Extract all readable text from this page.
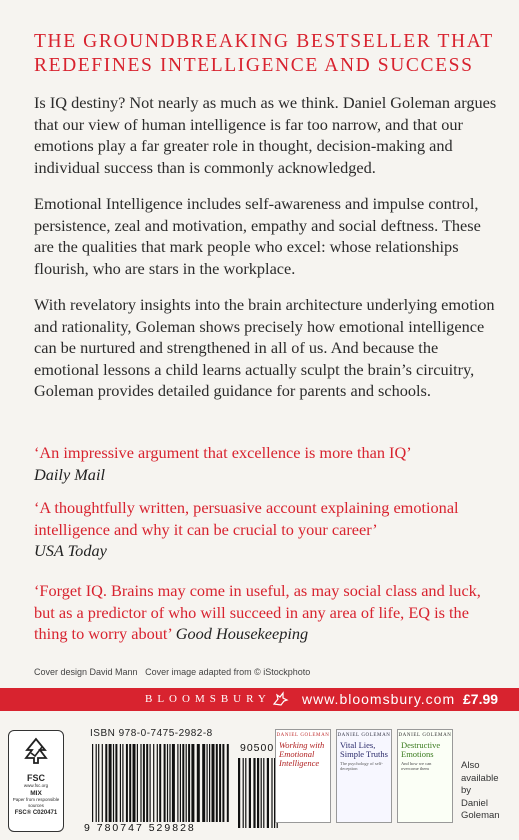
THE GROUNDBREAKING BESTSELLER THAT
REDEFINES INTELLIGENCE AND SUCCESS

Is IQ destiny? Not nearly as much as we think. Daniel Goleman argues that our view of human intelligence is far too narrow, and that our emotions play a far greater role in thought, decision-making and individual success than is commonly acknowledged.

Emotional Intelligence includes self-awareness and impulse control, persistence, zeal and motivation, empathy and social deftness. These are the qualities that mark people who excel: whose relationships flourish, who are stars in the workplace.

With revelatory insights into the brain architecture underlying emotion and rationality, Goleman shows precisely how emotional intelligence can be nurtured and strengthened in all of us. And because the emotional lessons a child learns actually sculpt the brain’s circuitry, Goleman provides detailed guidance for parents and schools.

‘An impressive argument that excellence is more than IQ’
Daily Mail
‘A thoughtfully written, persuasive account explaining emotional intelligence and why it can be crucial to your career’
USA Today
‘Forget IQ. Brains may come in useful, as may social class and luck, but as a predictor of who will succeed in any area of life, EQ is the thing to worry about’ Good Housekeeping
Cover design David Mann Cover image adapted from © iStockphoto
BLOOMSBURY www.bloomsbury.com £7.99
FSC
www.fsc.org
MIX
Paper from responsible sources
FSC® C020471
ISBN 978-0-7475-2982-8
9 780747 529828
90500
DANIEL GOLEMAN
Working with Emotional Intelligence
DANIEL GOLEMAN
Vital Lies, Simple Truths
The psychology of self-deception
DANIEL GOLEMAN
Destructive Emotions
And how we can overcome them	Also
available
by
Daniel
Goleman
